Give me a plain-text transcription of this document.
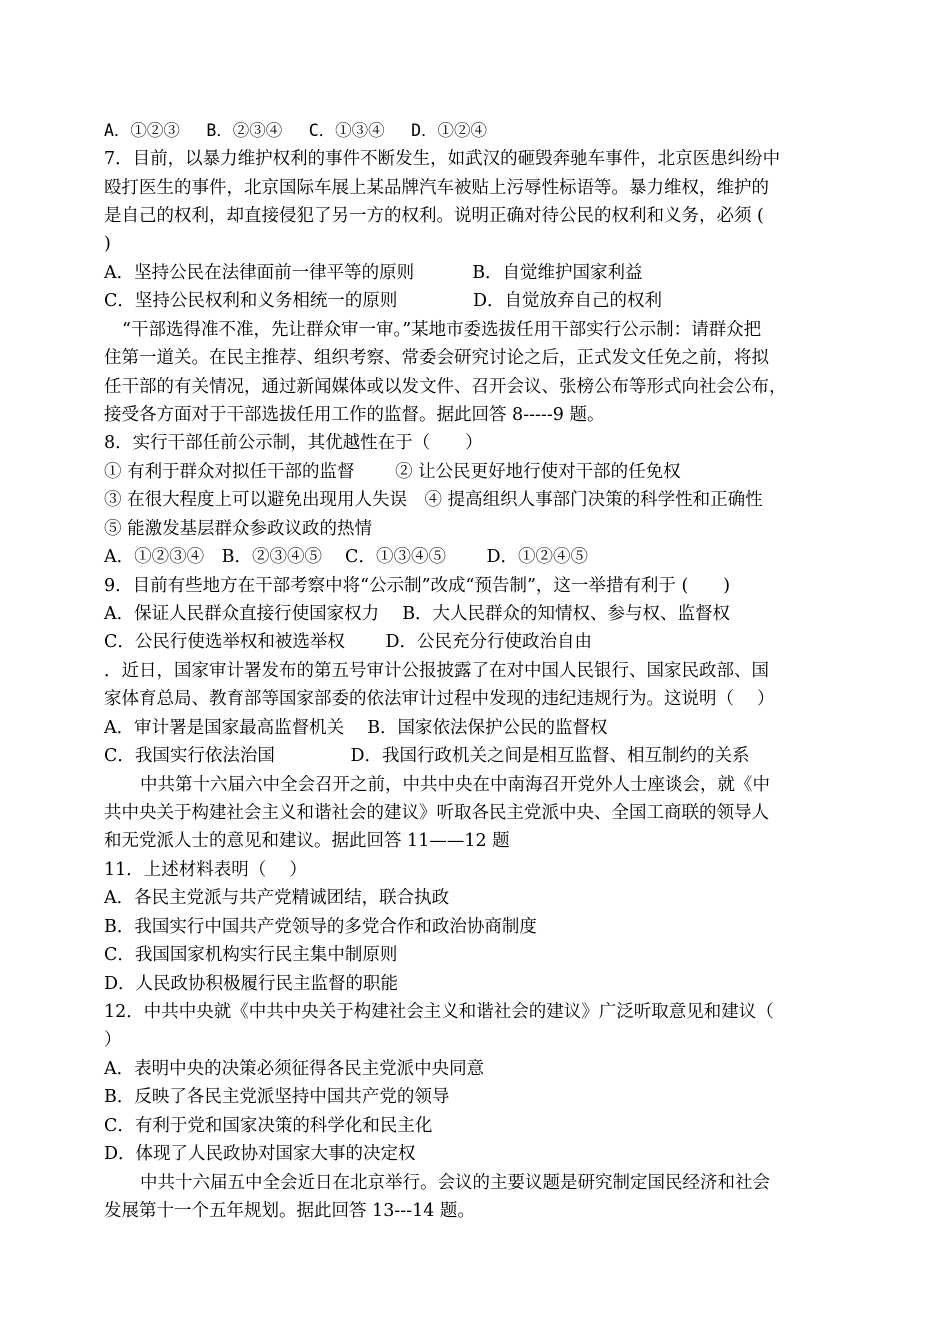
A．①②③　 B．②③④　 C．①③④　 D．①②④
7．目前，以暴力维护权利的事件不断发生，如武汉的砸毁奔驰车事件，北京医患纠纷中
殴打医生的事件，北京国际车展上某品牌汽车被贴上污辱性标语等。暴力维权，维护的
是自己的权利，却直接侵犯了另一方的权利。说明正确对待公民的权利和义务，必须 (
)
A．坚持公民在法律面前一律平等的原则　　　 B．自觉维护国家利益
C．坚持公民权利和义务相统一的原则　　　　 D．自觉放弃自己的权利
“干部选得准不准，先让群众审一审。”某地市委选拔任用干部实行公示制：请群众把
住第一道关。在民主推荐、组织考察、常委会研究讨论之后，正式发文任免之前，将拟
任干部的有关情况，通过新闻媒体或以发文件、召开会议、张榜公布等形式向社会公布，
接受各方面对于干部选拔任用工作的监督。据此回答 8-----9 题。
8．实行干部任前公示制，其优越性在于（　　）
① 有利于群众对拟任干部的监督　　 ② 让公民更好地行使对干部的任免权
③ 在很大程度上可以避免出现用人失误　④ 提高组织人事部门决策的科学性和正确性
⑤ 能激发基层群众参政议政的热情
A．①②③④　B．②③④⑤　 C．①③④⑤　　 D．①②④⑤
9．目前有些地方在干部考察中将“公示制”改成“预告制”，这一举措有利于 (　　)
A．保证人民群众直接行使国家权力　 B．大人民群众的知情权、参与权、监督权
C．公民行使选举权和被选举权　　 D．公民充分行使政治自由
．近日，国家审计署发布的第五号审计公报披露了在对中国人民银行、国家民政部、国
家体育总局、教育部等国家部委的依法审计过程中发现的违纪违规行为。这说明（　 ）
A．审计署是国家最高监督机关　 B．国家依法保护公民的监督权
C．我国实行依法治国　　　　 D．我国行政机关之间是相互监督、相互制约的关系
中共第十六届六中全会召开之前，中共中央在中南海召开党外人士座谈会，就《中
共中央关于构建社会主义和谐社会的建议》听取各民主党派中央、全国工商联的领导人
和无党派人士的意见和建议。据此回答 11——12 题
11．上述材料表明（　 ）
A．各民主党派与共产党精诚团结，联合执政
B．我国实行中国共产党领导的多党合作和政治协商制度
C．我国国家机构实行民主集中制原则
D．人民政协积极履行民主监督的职能
12．中共中央就《中共中央关于构建社会主义和谐社会的建议》广泛听取意见和建议（
）
A．表明中央的决策必须征得各民主党派中央同意
B．反映了各民主党派坚持中国共产党的领导
C．有利于党和国家决策的科学化和民主化
D．体现了人民政协对国家大事的决定权
中共十六届五中全会近日在北京举行。会议的主要议题是研究制定国民经济和社会
发展第十一个五年规划。据此回答 13---14 题。
